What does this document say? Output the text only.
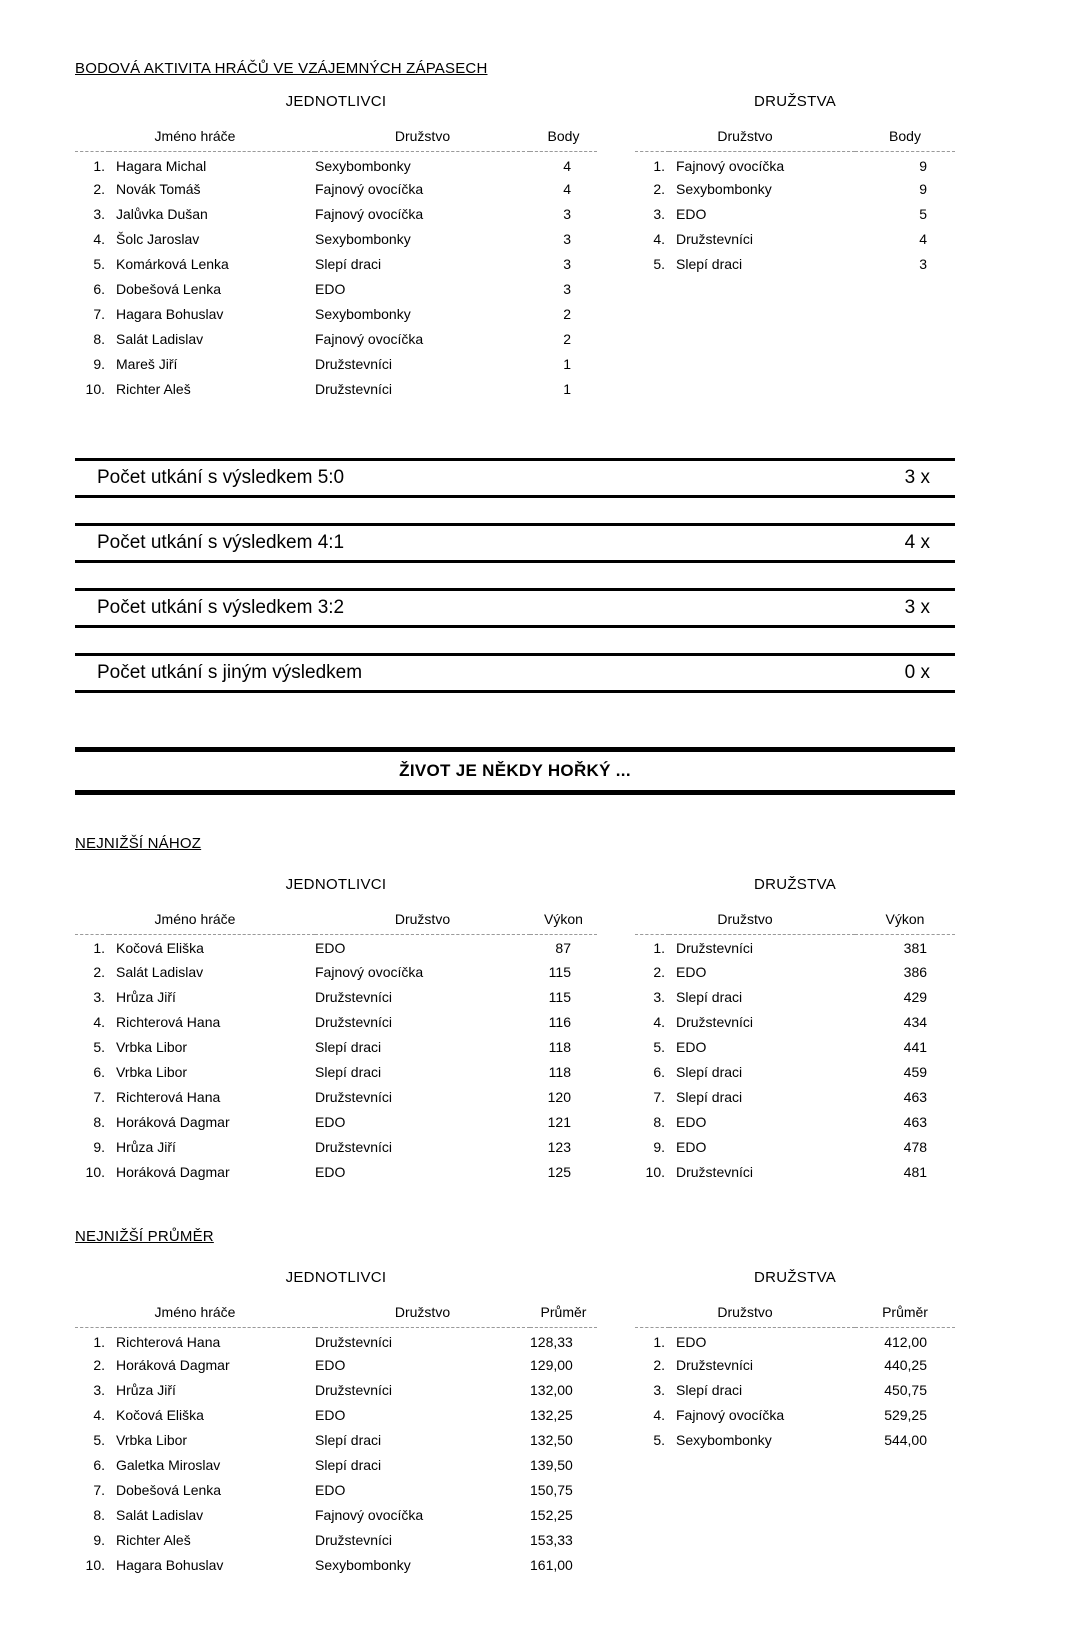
BODOVÁ AKTIVITA HRÁČŮ VE VZÁJEMNÝCH ZÁPASECH
JEDNOTLIVCI
Jméno hráče		Družstvo	Body
1.	Hagara Michal	Sexybombonky	4
2.	Novák Tomáš	Fajnový ovocíčka	4
3.	Jalůvka Dušan	Fajnový ovocíčka	3
4.	Šolc Jaroslav	Sexybombonky	3
5.	Komárková Lenka	Slepí draci	3
6.	Dobešová Lenka	EDO	3
7.	Hagara Bohuslav	Sexybombonky	2
8.	Salát Ladislav	Fajnový ovocíčka	2
9.	Mareš Jiří	Družstevníci	1
10.	Richter Aleš	Družstevníci	1
DRUŽSTVA
Družstvo		Body
1.	Fajnový ovocíčka	9
2.	Sexybombonky	9
3.	EDO	5
4.	Družstevníci	4
5.	Slepí draci	3
Počet utkání s výsledkem 5:0	3 x
Počet utkání s výsledkem 4:1	4 x
Počet utkání s výsledkem 3:2	3 x
Počet utkání s jiným výsledkem	0 x
ŽIVOT JE NĚKDY HOŘKÝ ...
NEJNIŽŠÍ NÁHOZ
JEDNOTLIVCI
Jméno hráče		Družstvo	Výkon
1.	Kočová Eliška	EDO	87
2.	Salát Ladislav	Fajnový ovocíčka	115
3.	Hrůza Jiří	Družstevníci	115
4.	Richterová Hana	Družstevníci	116
5.	Vrbka Libor	Slepí draci	118
6.	Vrbka Libor	Slepí draci	118
7.	Richterová Hana	Družstevníci	120
8.	Horáková Dagmar	EDO	121
9.	Hrůza Jiří	Družstevníci	123
10.	Horáková Dagmar	EDO	125
DRUŽSTVA
Družstvo		Výkon
1.	Družstevníci	381
2.	EDO	386
3.	Slepí draci	429
4.	Družstevníci	434
5.	EDO	441
6.	Slepí draci	459
7.	Slepí draci	463
8.	EDO	463
9.	EDO	478
10.	Družstevníci	481
NEJNIŽŠÍ PRŮMĚR
JEDNOTLIVCI
Jméno hráče		Družstvo	Průměr
1.	Richterová Hana	Družstevníci	128,33
2.	Horáková Dagmar	EDO	129,00
3.	Hrůza Jiří	Družstevníci	132,00
4.	Kočová Eliška	EDO	132,25
5.	Vrbka Libor	Slepí draci	132,50
6.	Galetka Miroslav	Slepí draci	139,50
7.	Dobešová Lenka	EDO	150,75
8.	Salát Ladislav	Fajnový ovocíčka	152,25
9.	Richter Aleš	Družstevníci	153,33
10.	Hagara Bohuslav	Sexybombonky	161,00
DRUŽSTVA
Družstvo		Průměr
1.	EDO	412,00
2.	Družstevníci	440,25
3.	Slepí draci	450,75
4.	Fajnový ovocíčka	529,25
5.	Sexybombonky	544,00
